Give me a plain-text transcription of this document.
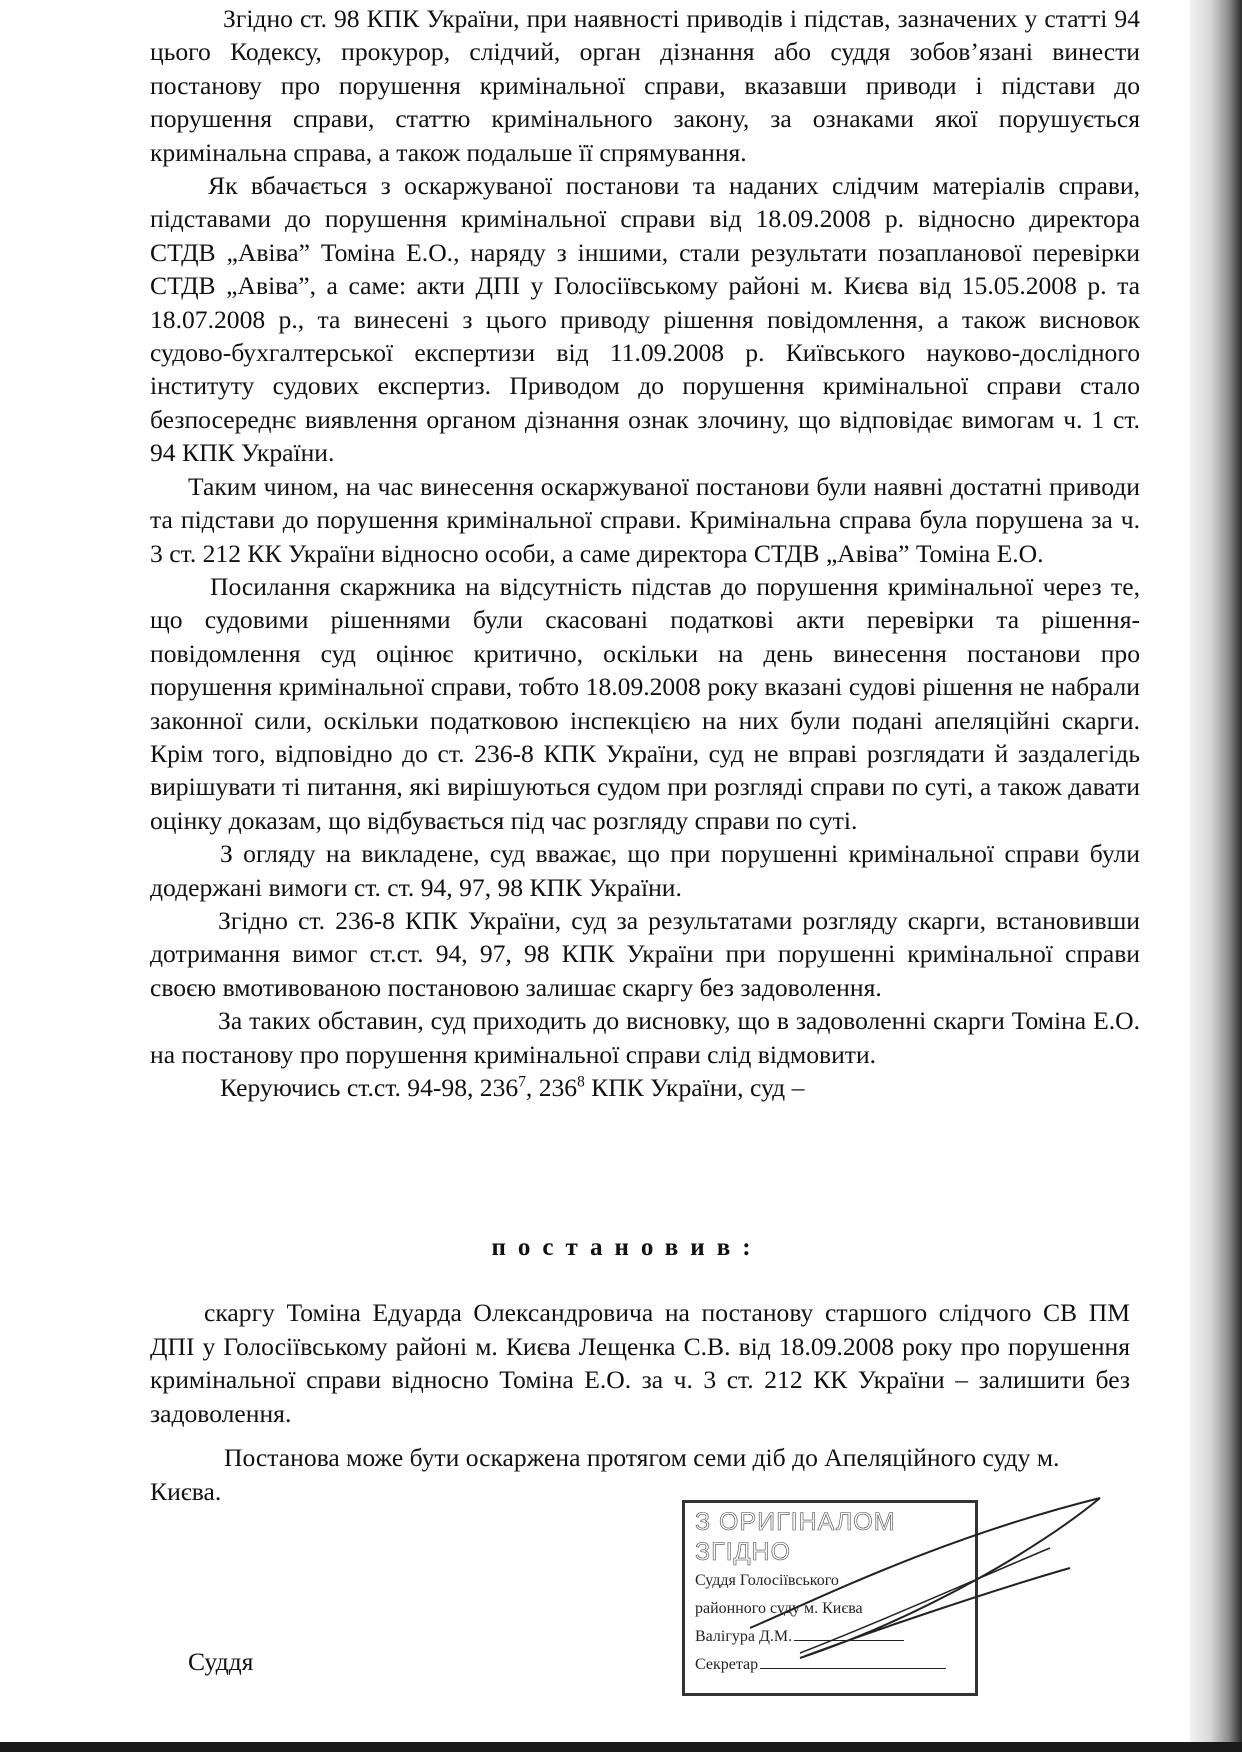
Згідно ст. 98 КПК України, при наявності приводів і підстав, зазначених у статті 94 цього Кодексу, прокурор, слідчий, орган дізнання або суддя зобов’язані винести постанову про порушення кримінальної справи, вказавши приводи і підстави до порушення справи, статтю кримінального закону, за ознаками якої порушується кримінальна справа, а також подальше її спрямування.

Як вбачається з оскаржуваної постанови та наданих слідчим матеріалів справи, підставами до порушення кримінальної справи від 18.09.2008 р. відносно директора СТДВ „Авіва” Томіна Е.О., наряду з іншими, стали результати позапланової перевірки СТДВ „Авіва”, а саме: акти ДПІ у Голосіївському районі м. Києва від 15.05.2008 р. та 18.07.2008 р., та винесені з цього приводу рішення повідомлення, а також висновок судово-бухгалтерської експертизи від 11.09.2008 р. Київського науково-дослідного інституту судових експертиз. Приводом до порушення кримінальної справи стало безпосереднє виявлення органом дізнання ознак злочину, що відповідає вимогам ч. 1 ст. 94 КПК України.

Таким чином, на час винесення оскаржуваної постанови були наявні достатні приводи та підстави до порушення кримінальної справи. Кримінальна справа була порушена за ч. 3 ст. 212 КК України відносно особи, а саме директора СТДВ „Авіва” Томіна Е.О.

Посилання скаржника на відсутність підстав до порушення кримінальної через те, що судовими рішеннями були скасовані податкові акти перевірки та рішення-повідомлення суд оцінює критично, оскільки на день винесення постанови про порушення кримінальної справи, тобто 18.09.2008 року вказані судові рішення не набрали законної сили, оскільки податковою інспекцією на них були подані апеляційні скарги. Крім того, відповідно до ст. 236-8 КПК України, суд не вправі розглядати й заздалегідь вирішувати ті питання, які вирішуються судом при розгляді справи по суті, а також давати оцінку доказам, що відбувається під час розгляду справи по суті.

З огляду на викладене, суд вважає, що при порушенні кримінальної справи були додержані вимоги ст. ст. 94, 97, 98 КПК України.

Згідно ст. 236-8 КПК України, суд за результатами розгляду скарги, встановивши дотримання вимог ст.ст. 94, 97, 98 КПК України при порушенні кримінальної справи своєю вмотивованою постановою залишає скаргу без задоволення.

За таких обставин, суд приходить до висновку, що в задоволенні скарги Томіна Е.О. на постанову про порушення кримінальної справи слід відмовити.

Керуючись ст.ст. 94-98, $236^7$, $236^8$ КПК України, суд –

постановив:

скаргу Томіна Едуарда Олександровича на постанову старшого слідчого СВ ПМ ДПІ у Голосіївському районі м. Києва Лещенка С.В. від 18.09.2008 року про порушення кримінальної справи відносно Томіна Е.О. за ч. 3 ст. 212 КК України – залишити без задоволення.

Постанова може бути оскаржена протягом семи діб до Апеляційного суду м. Києва.

Суддя
З ОРИГІНАЛОМ ЗГІДНО
Суддя Голосіївського
районного суду м. Києва
Валігура Д.М.
Секретар
